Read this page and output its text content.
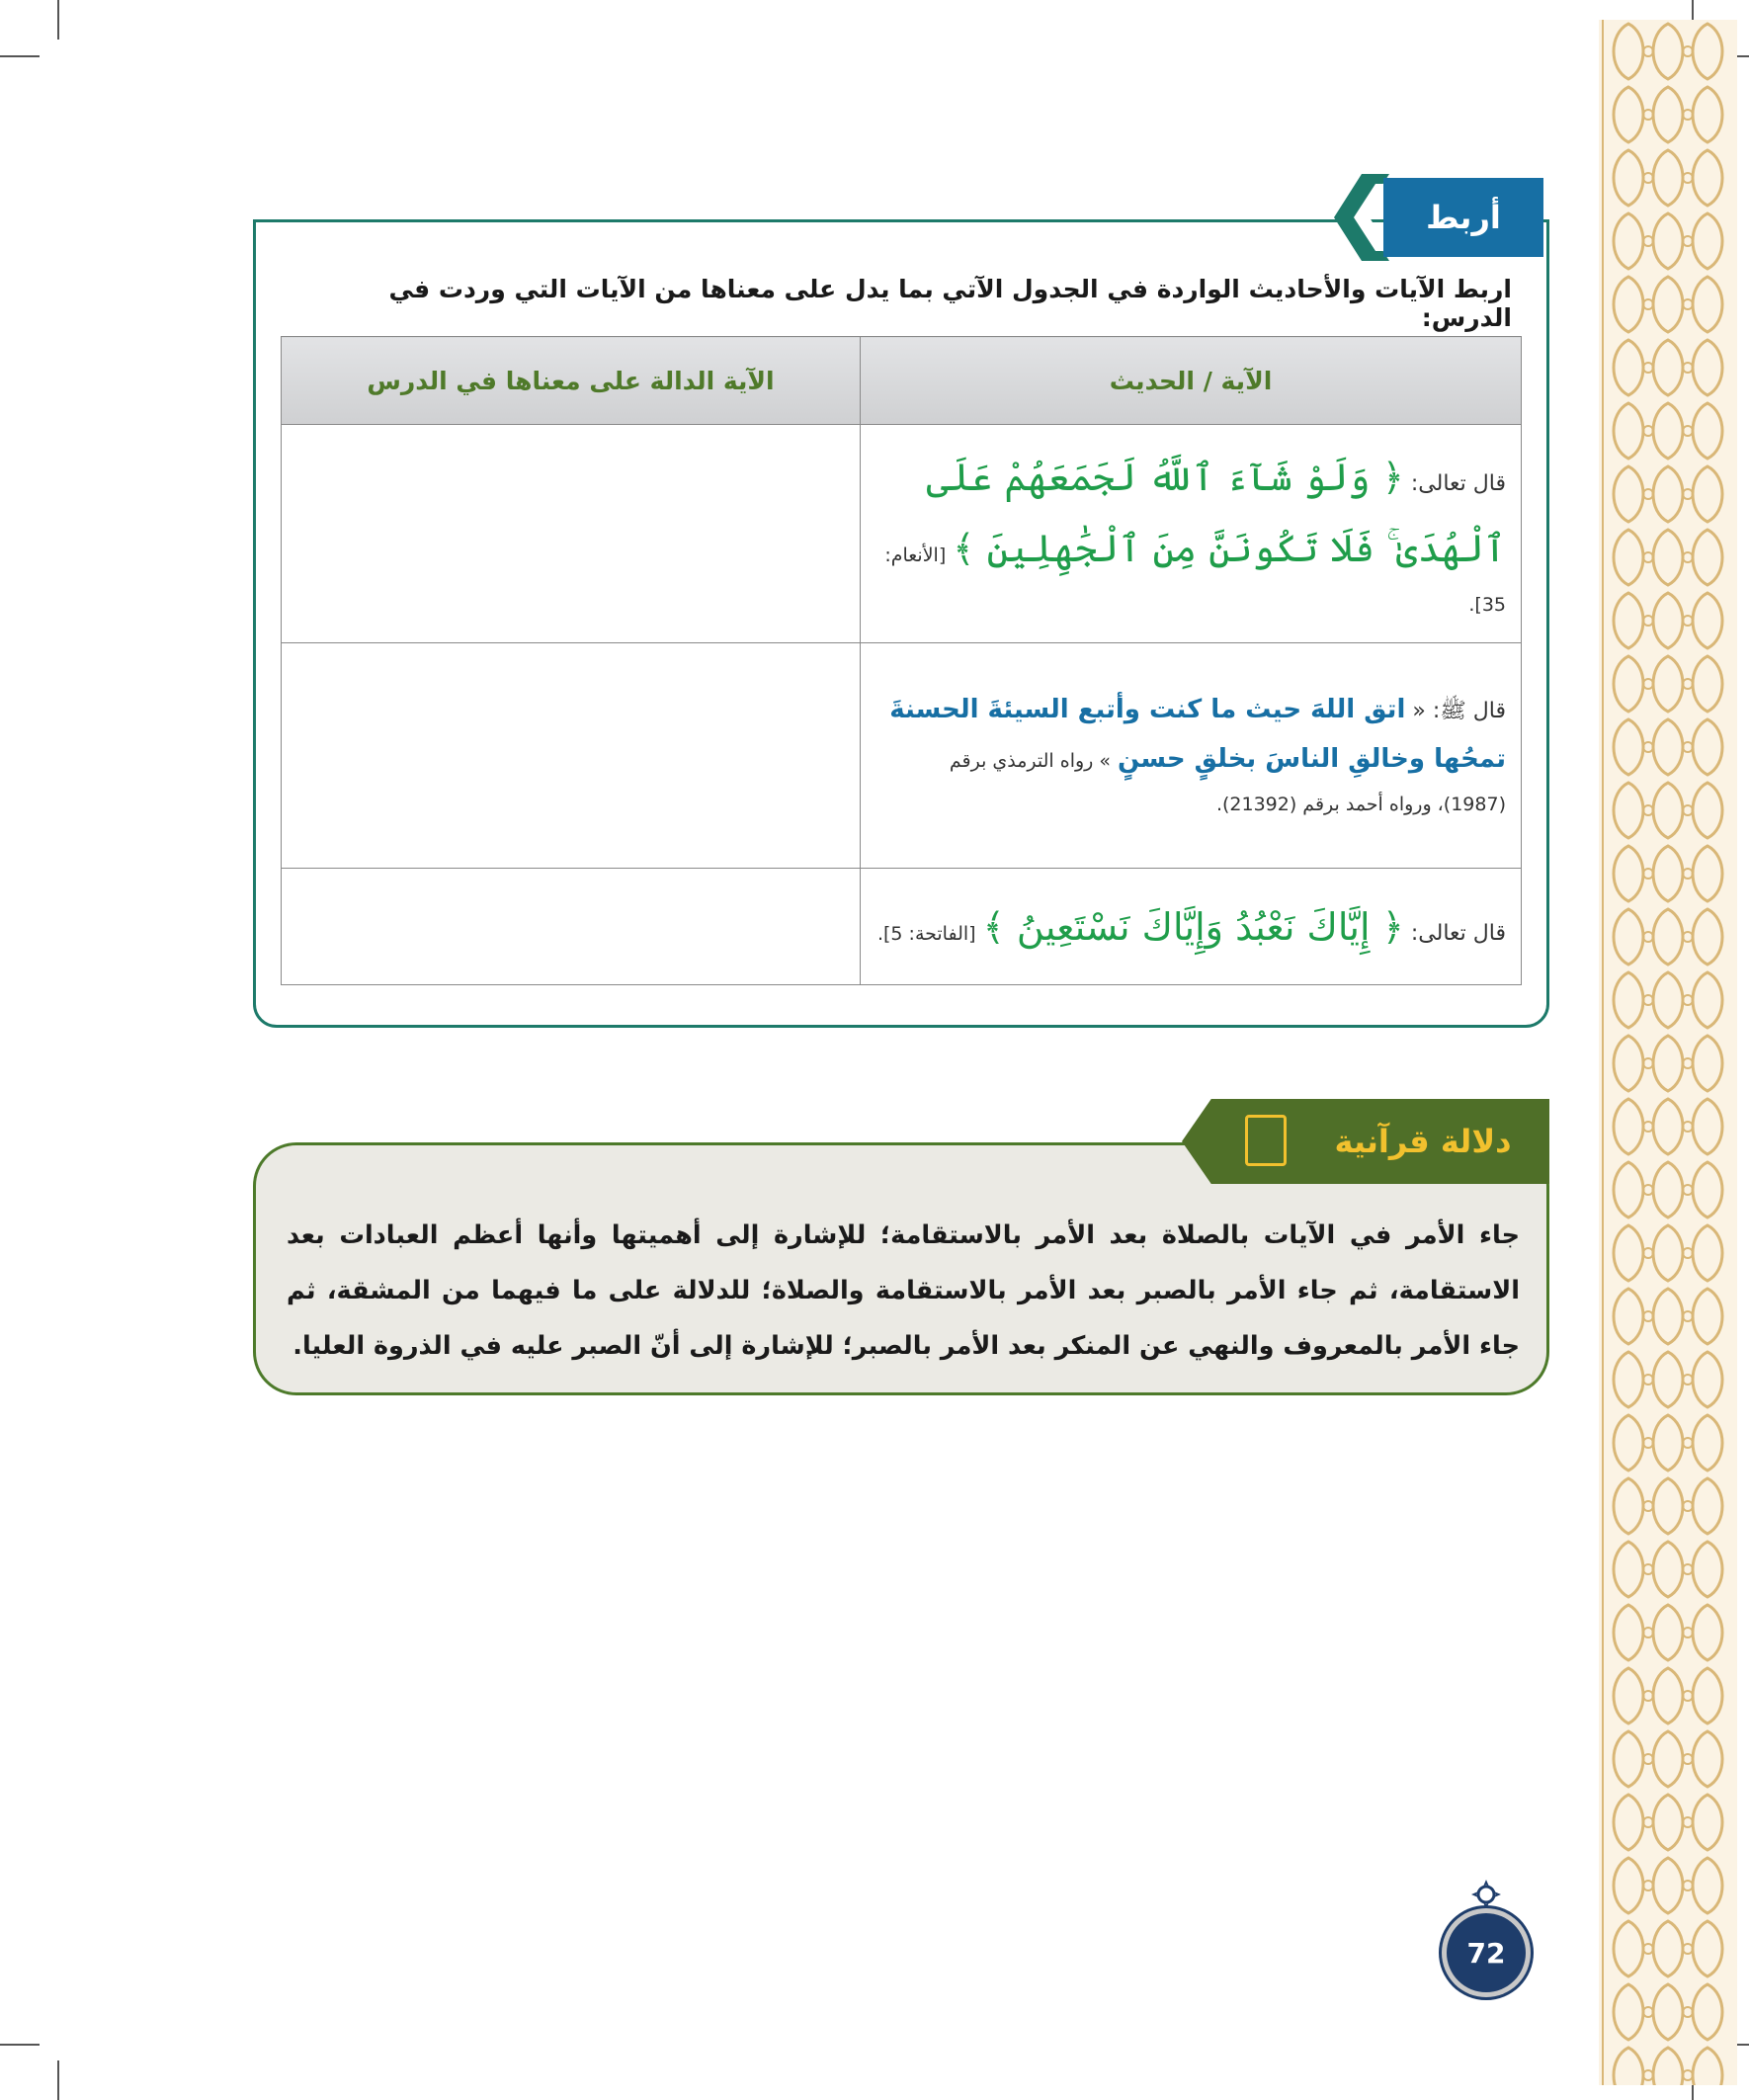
أربط
اربط الآيات والأحاديث الواردة في الجدول الآتي بما يدل على معناها من الآيات التي وردت في الدرس:
الآية / الحديث	الآية الدالة على معناها في الدرس

قال تعالى: ﴿ وَلَوْ شَآءَ ٱللَّهُ لَجَمَعَهُمْ عَلَى ٱلْهُدَىٰ ۚ فَلَا تَكُونَنَّ مِنَ ٱلْجَٰهِلِينَ ﴾ [الأنعام: 35].	

قال ﷺ: « اتق اللهَ حيث ما كنت وأتبع السيئةَ الحسنةَ تمحُها وخالقِ الناسَ بخلقٍ حسنٍ » رواه الترمذي برقم (1987)، ورواه أحمد برقم (21392).	

قال تعالى: ﴿ إِيَّاكَ نَعْبُدُ وَإِيَّاكَ نَسْتَعِينُ ﴾ [الفاتحة: 5].	

دلالة قرآنية
جاء الأمر في الآيات بالصلاة بعد الأمر بالاستقامة؛ للإشارة إلى أهميتها وأنها أعظم العبادات بعد الاستقامة، ثم جاء الأمر بالصبر بعد الأمر بالاستقامة والصلاة؛ للدلالة على ما فيهما من المشقة، ثم جاء الأمر بالمعروف والنهي عن المنكر بعد الأمر بالصبر؛ للإشارة إلى أنّ الصبر عليه في الذروة العليا.
72
